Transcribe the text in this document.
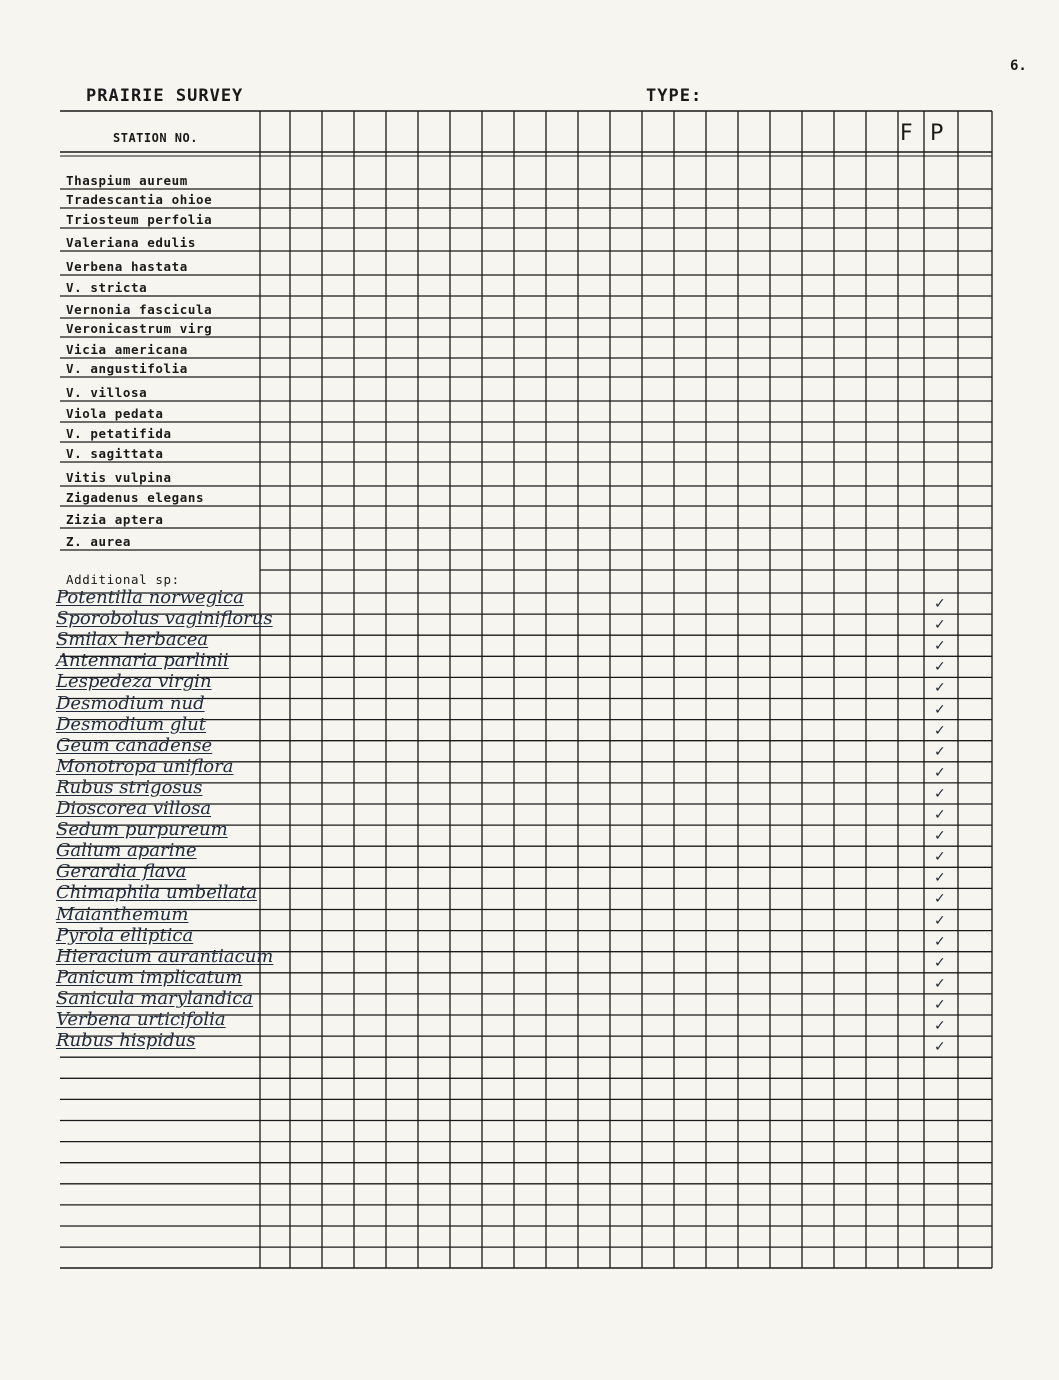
6.
PRAIRIE SURVEY	TYPE:
STATION NO.	F P
Thaspium aureum
Tradescantia ohioe
Triosteum perfolia
Valeriana edulis
Verbena hastata
V. stricta
Vernonia fascicula
Veronicastrum virg
Vicia americana
V. angustifolia
V. villosa
Viola pedata
V. petatifida
V. sagittata
Vitis vulpina
Zigadenus elegans
Zizia aptera
Z. aurea
Additional sp:
Potentilla norwegica	✓
Sporobolus vaginiflorus	✓
Smilax herbacea	✓
Antennaria parlinii	✓
Lespedeza virgin	✓
Desmodium nud	✓
Desmodium glut	✓
Geum canadense	✓
Monotropa uniflora	✓
Rubus strigosus	✓
Dioscorea villosa	✓
Sedum purpureum	✓
Galium aparine	✓
Gerardia flava	✓
Chimaphila umbellata	✓
Maianthemum	✓
Pyrola elliptica	✓
Hieracium aurantiacum	✓
Panicum implicatum	✓
Sanicula marylandica	✓
Verbena urticifolia	✓
Rubus hispidus	✓
